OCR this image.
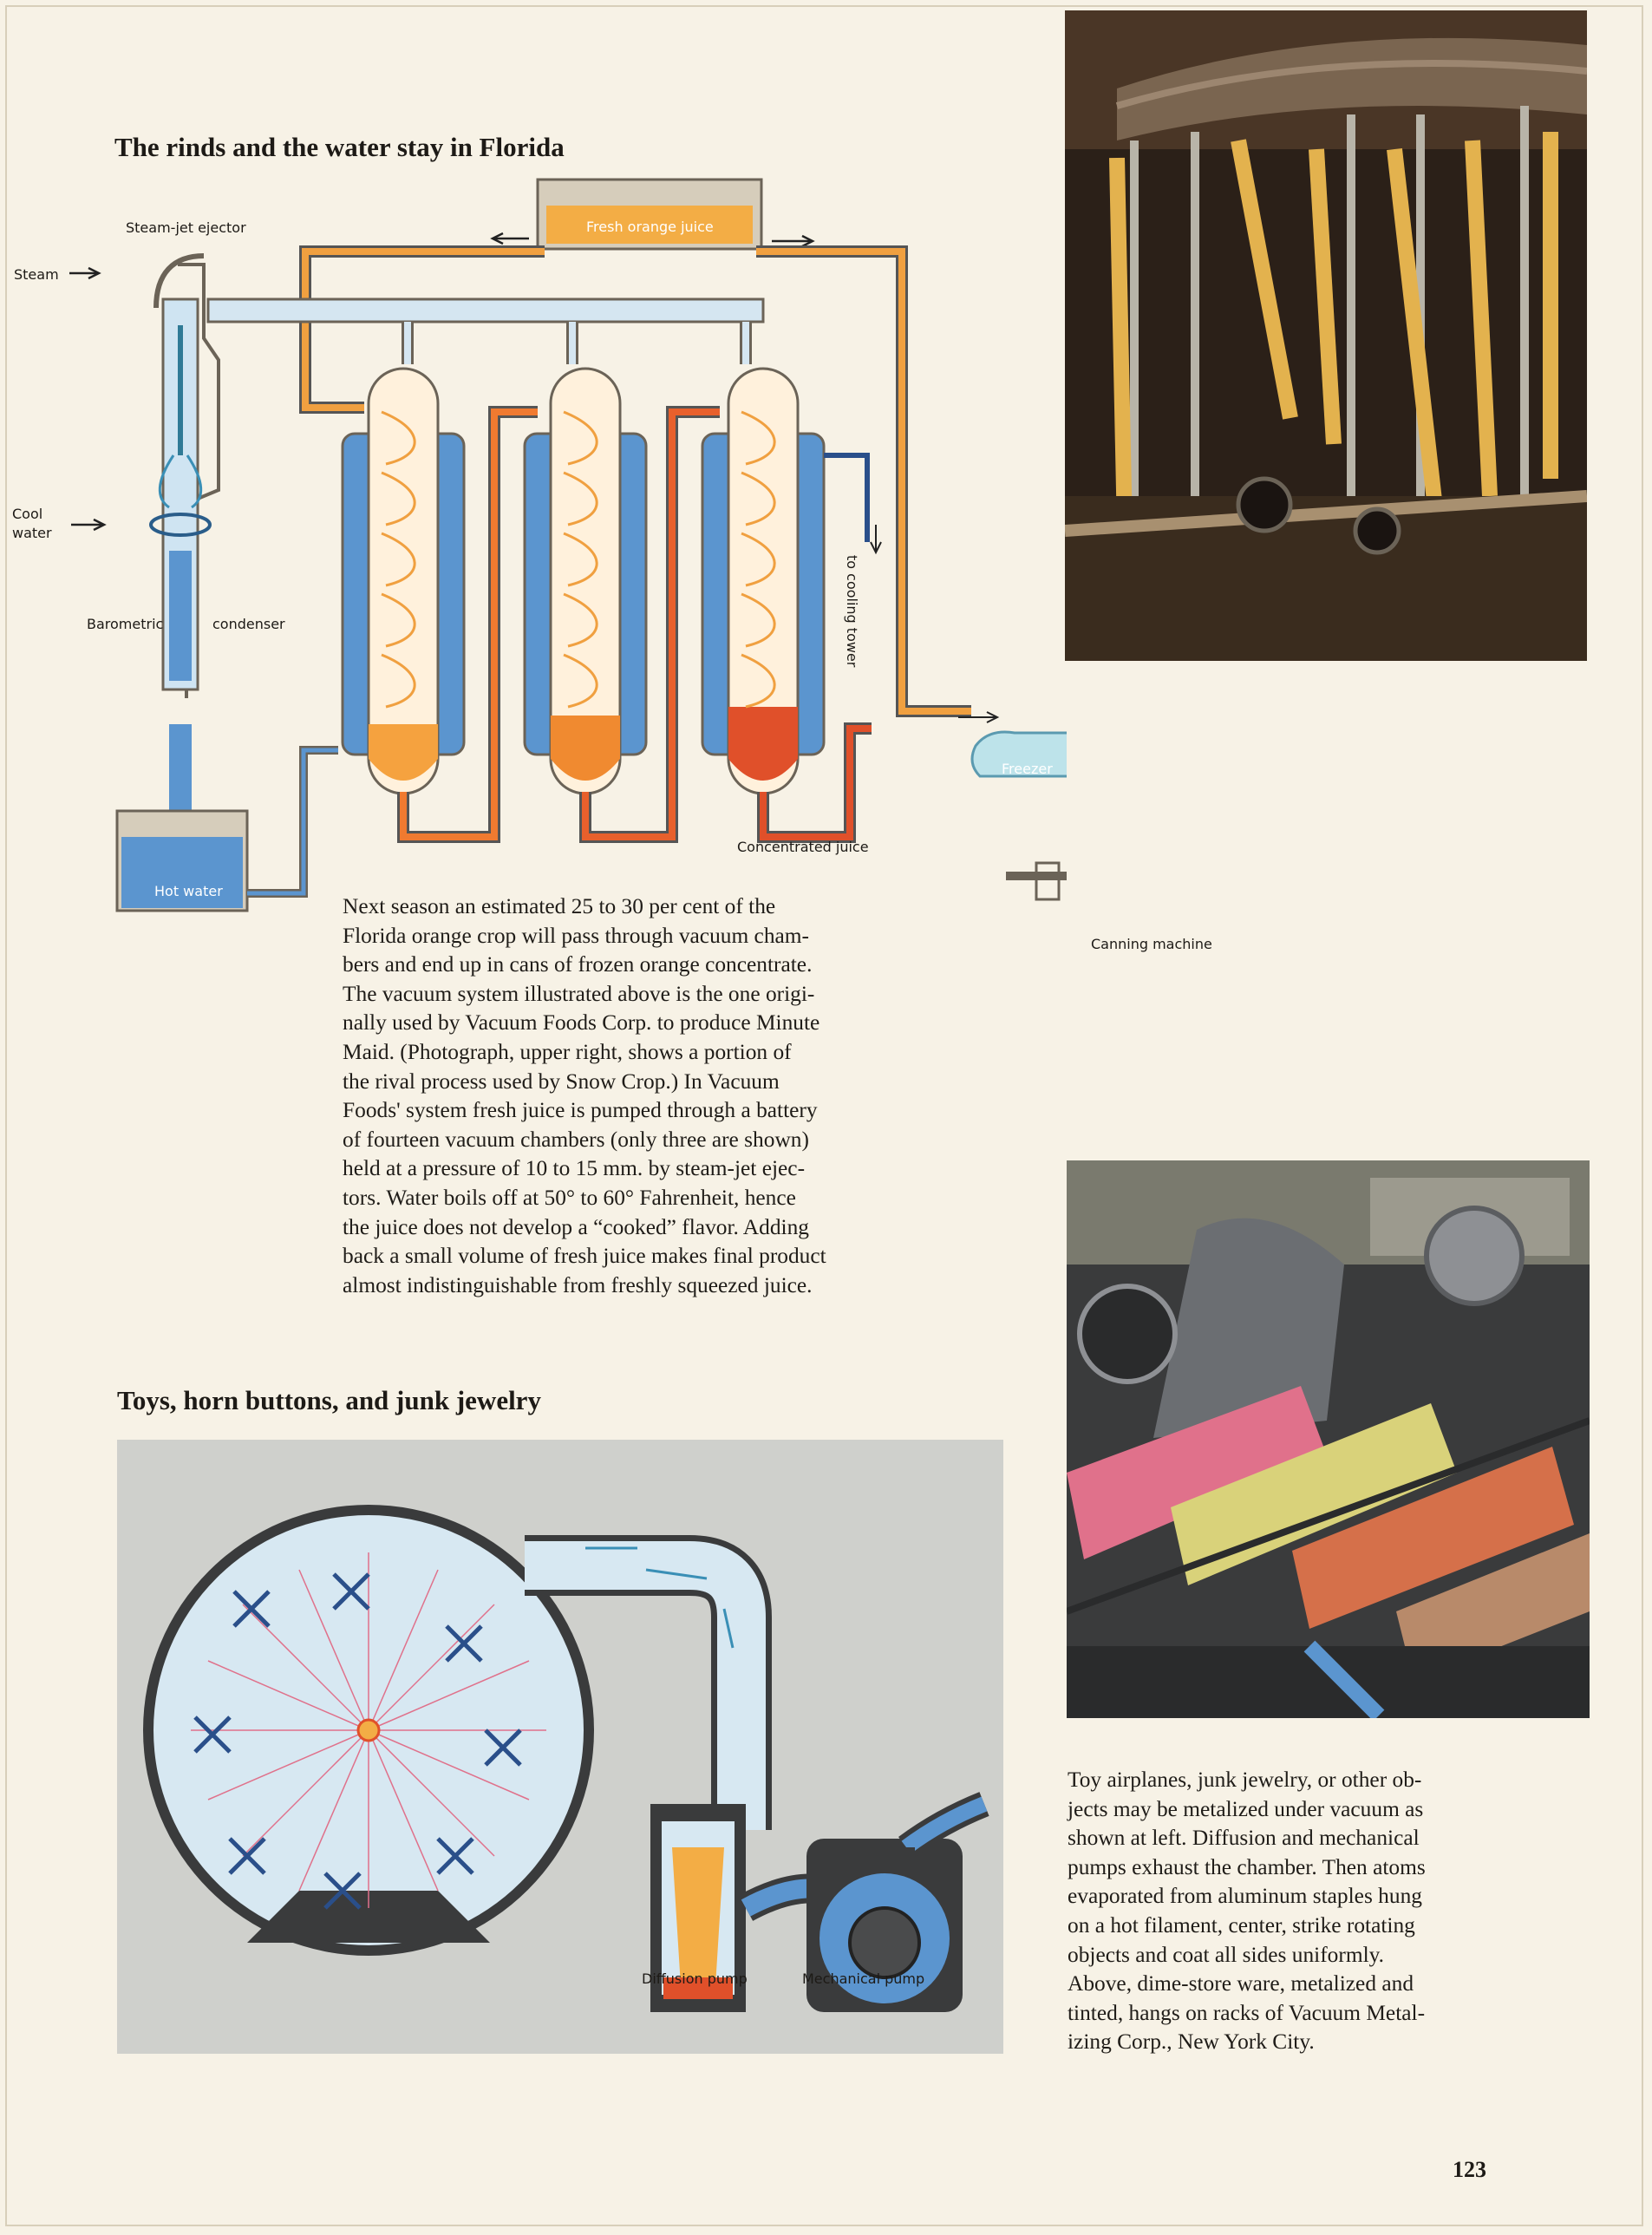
The rinds and the water stay in Florida
Steam-jet ejector
Steam
Cool
water
Barometric	condenser
Hot water
Fresh orange juice
to cooling tower
Freezer
Concentrated juice
Canning machine
Next season an estimated 25 to 30 per cent of the
Florida orange crop will pass through vacuum cham-
bers and end up in cans of frozen orange concentrate.
The vacuum system illustrated above is the one origi-
nally used by Vacuum Foods Corp. to produce Minute
Maid. (Photograph, upper right, shows a portion of
the rival process used by Snow Crop.) In Vacuum
Foods' system fresh juice is pumped through a battery
of fourteen vacuum chambers (only three are shown)
held at a pressure of 10 to 15 mm. by steam-jet ejec-
tors. Water boils off at 50° to 60° Fahrenheit, hence
the juice does not develop a “cooked” flavor. Adding
back a small volume of fresh juice makes final product
almost indistinguishable from freshly squeezed juice.
Toys, horn buttons, and junk jewelry
Diffusion pump	Mechanical pump
Toy airplanes, junk jewelry, or other ob-
jects may be metalized under vacuum as
shown at left. Diffusion and mechanical
pumps exhaust the chamber. Then atoms
evaporated from aluminum staples hung
on a hot filament, center, strike rotating
objects and coat all sides uniformly.
Above, dime-store ware, metalized and
tinted, hangs on racks of Vacuum Metal-
izing Corp., New York City.
123
